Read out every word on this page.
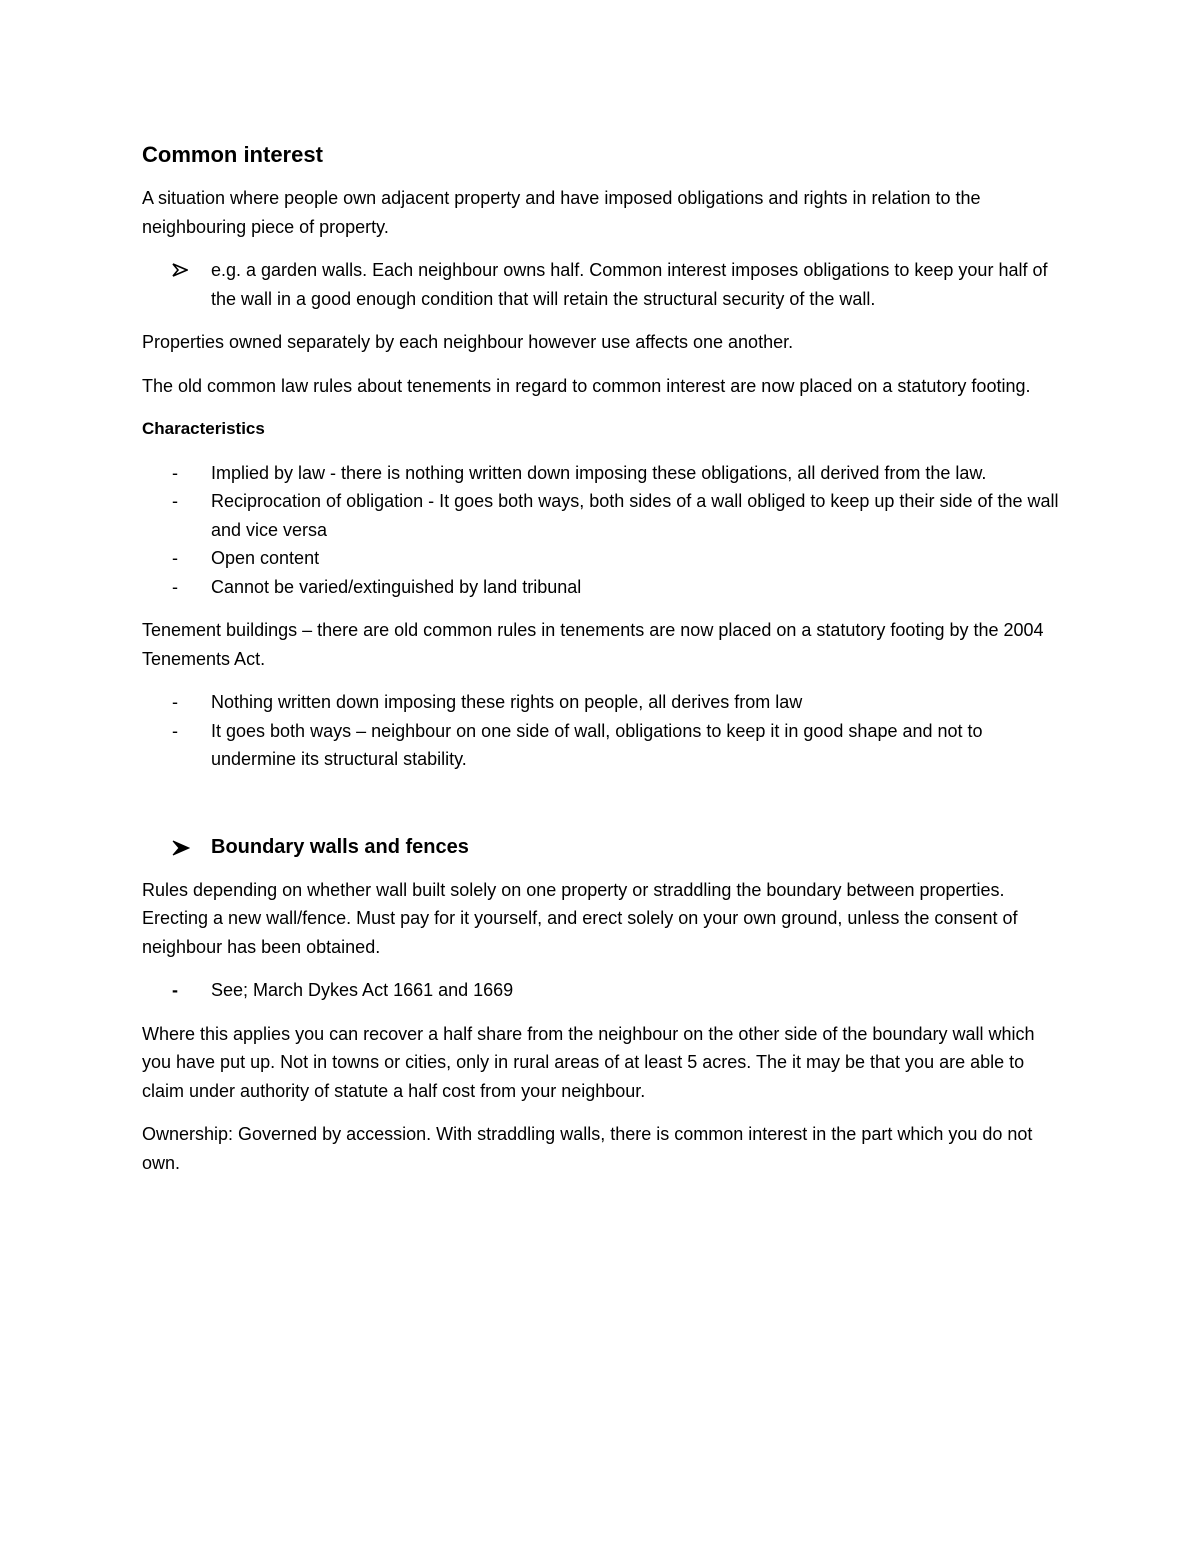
Common interest

A situation where people own adjacent property and have imposed obligations and rights in relation to the neighbouring piece of property.

e.g. a garden walls. Each neighbour owns half. Common interest imposes obligations to keep your half of the wall in a good enough condition that will retain the structural security of the wall.

Properties owned separately by each neighbour however use affects one another.

The old common law rules about tenements in regard to common interest are now placed on a statutory footing.

Characteristics
-	Implied by law - there is nothing written down imposing these obligations, all derived from the law.
-	Reciprocation of obligation - It goes both ways, both sides of a wall obliged to keep up their side of the wall and vice versa
-	Open content
-	Cannot be varied/extinguished by land tribunal

Tenement buildings – there are old common rules in tenements are now placed on a statutory footing by the 2004 Tenements Act.

-	Nothing written down imposing these rights on people, all derives from law
-	It goes both ways – neighbour on one side of wall, obligations to keep it in good shape and not to undermine its structural stability.
Boundary walls and fences

Rules depending on whether wall built solely on one property or straddling the boundary between properties.

Erecting a new wall/fence. Must pay for it yourself, and erect solely on your own ground, unless the consent of neighbour has been obtained.

-	See; March Dykes Act 1661 and 1669

Where this applies you can recover a half share from the neighbour on the other side of the boundary wall which you have put up. Not in towns or cities, only in rural areas of at least 5 acres. The it may be that you are able to claim under authority of statute a half cost from your neighbour.

Ownership: Governed by accession. With straddling walls, there is common interest in the part which you do not own.
